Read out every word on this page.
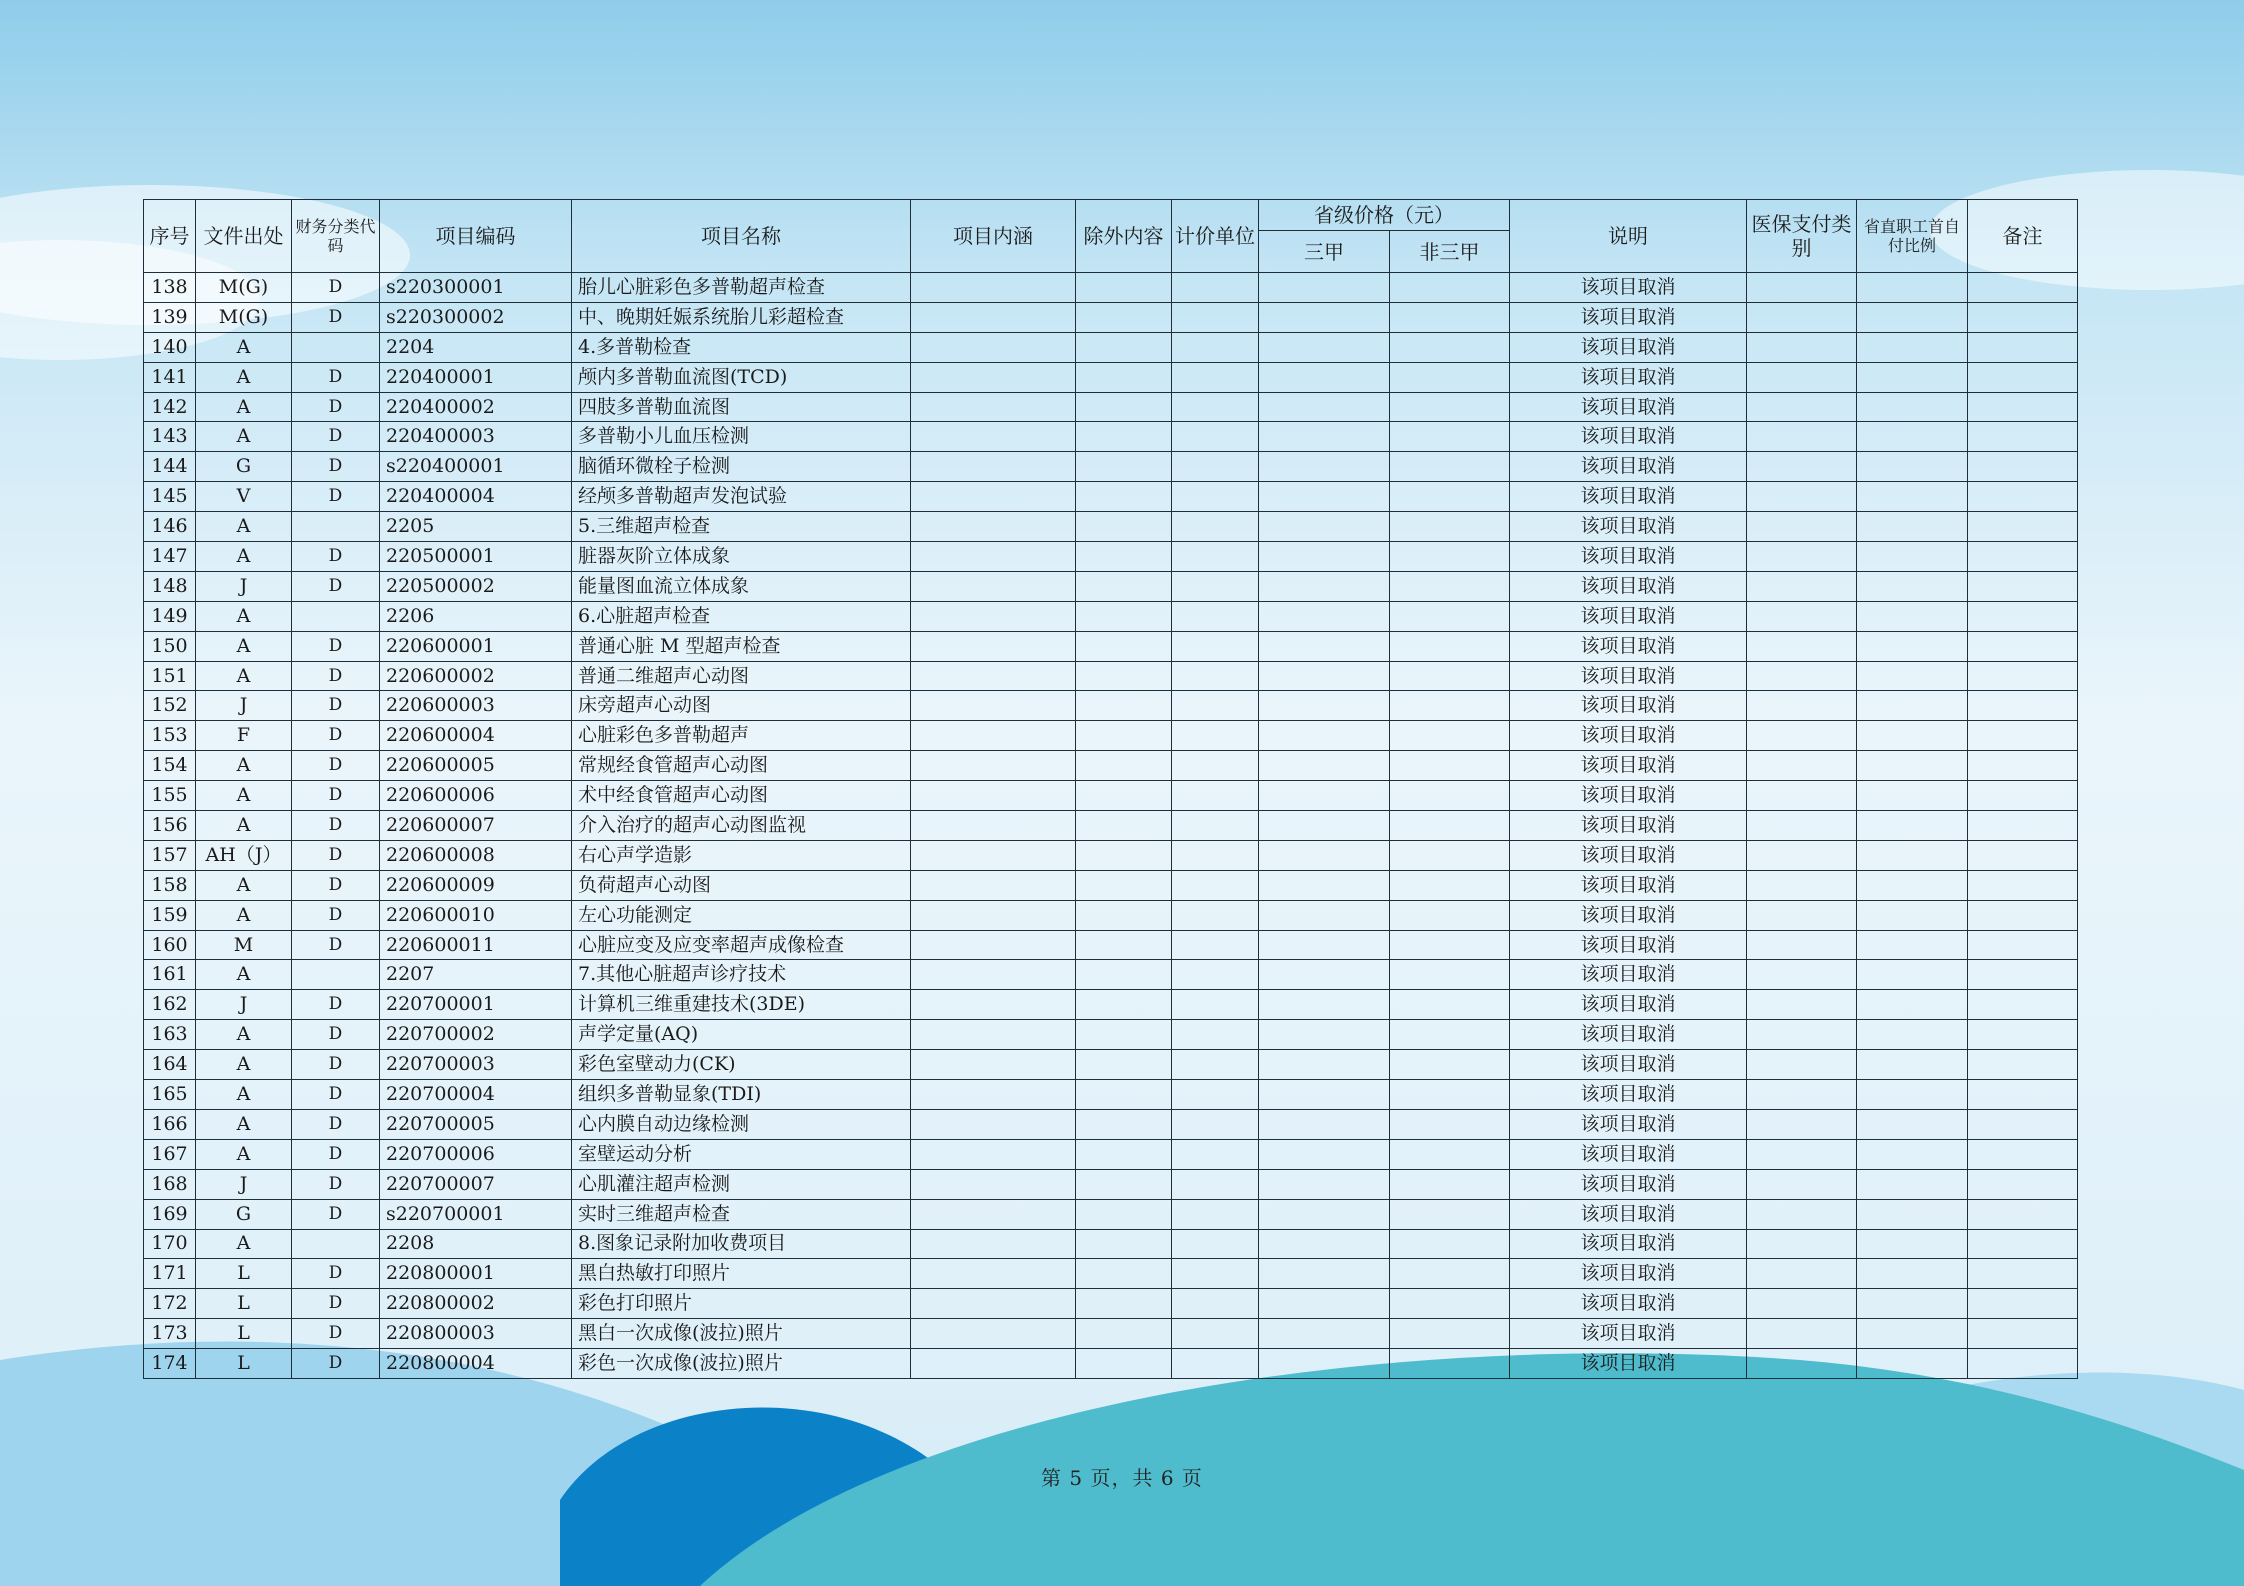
序号	文件出处	财务分类代码	项目编码	项目名称	项目内涵	除外内容	计价单位	省级价格（元）		说明	医保支付类别	省直职工首自付比例	备注
								三甲	非三甲				
138	M(G)	D	s220300001	胎儿心脏彩色多普勒超声检查						该项目取消			
139	M(G)	D	s220300002	中、晚期妊娠系统胎儿彩超检查						该项目取消			
140	A		2204	4.多普勒检查						该项目取消			
141	A	D	220400001	颅内多普勒血流图(TCD)						该项目取消			
142	A	D	220400002	四肢多普勒血流图						该项目取消			
143	A	D	220400003	多普勒小儿血压检测						该项目取消			
144	G	D	s220400001	脑循环微栓子检测						该项目取消			
145	V	D	220400004	经颅多普勒超声发泡试验						该项目取消			
146	A		2205	5.三维超声检查						该项目取消			
147	A	D	220500001	脏器灰阶立体成象						该项目取消			
148	J	D	220500002	能量图血流立体成象						该项目取消			
149	A		2206	6.心脏超声检查						该项目取消			
150	A	D	220600001	普通心脏 M 型超声检查						该项目取消			
151	A	D	220600002	普通二维超声心动图						该项目取消			
152	J	D	220600003	床旁超声心动图						该项目取消			
153	F	D	220600004	心脏彩色多普勒超声						该项目取消			
154	A	D	220600005	常规经食管超声心动图						该项目取消			
155	A	D	220600006	术中经食管超声心动图						该项目取消			
156	A	D	220600007	介入治疗的超声心动图监视						该项目取消			
157	AH（J）	D	220600008	右心声学造影						该项目取消			
158	A	D	220600009	负荷超声心动图						该项目取消			
159	A	D	220600010	左心功能测定						该项目取消			
160	M	D	220600011	心脏应变及应变率超声成像检查						该项目取消			
161	A		2207	7.其他心脏超声诊疗技术						该项目取消			
162	J	D	220700001	计算机三维重建技术(3DE)						该项目取消			
163	A	D	220700002	声学定量(AQ)						该项目取消			
164	A	D	220700003	彩色室壁动力(CK)						该项目取消			
165	A	D	220700004	组织多普勒显象(TDI)						该项目取消			
166	A	D	220700005	心内膜自动边缘检测						该项目取消			
167	A	D	220700006	室壁运动分析						该项目取消			
168	J	D	220700007	心肌灌注超声检测						该项目取消			
169	G	D	s220700001	实时三维超声检查						该项目取消			
170	A		2208	8.图象记录附加收费项目						该项目取消			
171	L	D	220800001	黑白热敏打印照片						该项目取消			
172	L	D	220800002	彩色打印照片						该项目取消			
173	L	D	220800003	黑白一次成像(波拉)照片						该项目取消			
174	L	D	220800004	彩色一次成像(波拉)照片						该项目取消			
第 5 页，共 6 页
